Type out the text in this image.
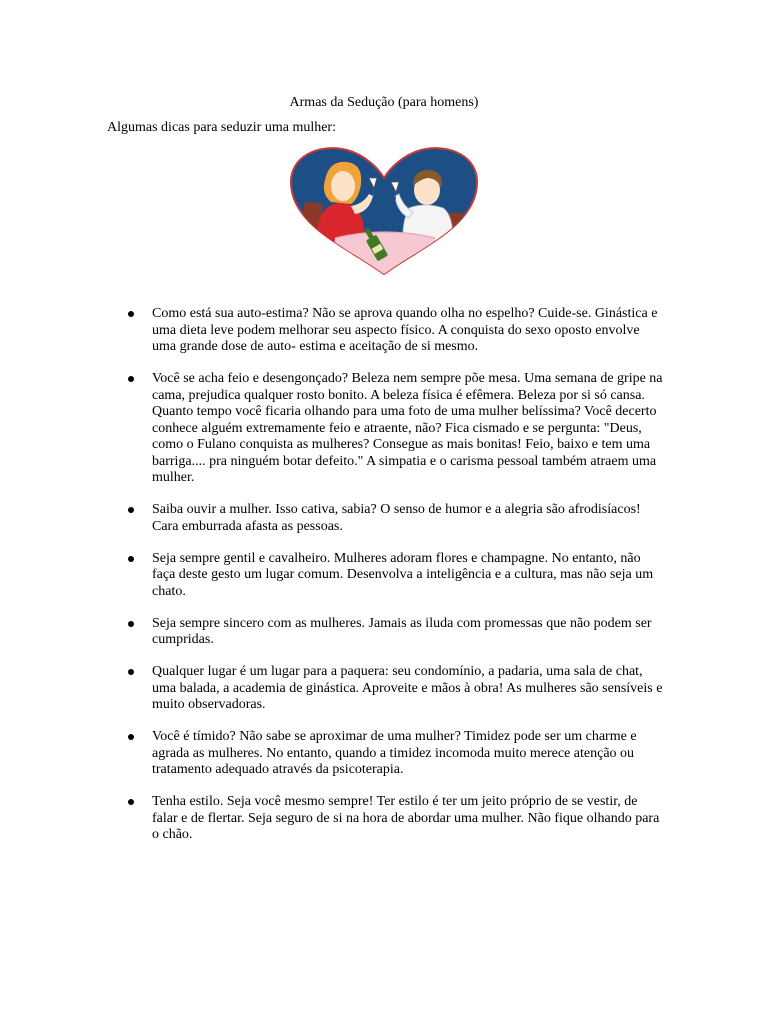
Armas da Sedução (para homens)
Algumas dicas para seduzir uma mulher:
Como está sua auto-estima? Não se aprova quando olha no espelho? Cuide-se. Ginástica e uma dieta leve podem melhorar seu aspecto físico. A conquista do sexo oposto envolve uma grande dose de auto- estima e aceitação de si mesmo.
Você se acha feio e desengonçado? Beleza nem sempre põe mesa. Uma semana de gripe na cama, prejudica qualquer rosto bonito. A beleza física é efêmera. Beleza por si só cansa. Quanto tempo você ficaria olhando para uma foto de uma mulher belíssima? Você decerto conhece alguém extremamente feio e atraente, não? Fica cismado e se pergunta: "Deus, como o Fulano conquista as mulheres? Consegue as mais bonitas! Feio, baixo e tem uma barriga.... pra ninguém botar defeito." A simpatia e o carisma pessoal também atraem uma mulher.
Saiba ouvir a mulher. Isso cativa, sabia? O senso de humor e a alegria são afrodisíacos! Cara emburrada afasta as pessoas.
Seja sempre gentil e cavalheiro. Mulheres adoram flores e champagne. No entanto, não faça deste gesto um lugar comum. Desenvolva a inteligência e a cultura, mas não seja um chato.
Seja sempre sincero com as mulheres. Jamais as iluda com promessas que não podem ser cumpridas.
Qualquer lugar é um lugar para a paquera: seu condomínio, a padaria, uma sala de chat, uma balada, a academia de ginástica. Aproveite e mãos à obra! As mulheres são sensíveis e muito observadoras.
Você é tímido? Não sabe se aproximar de uma mulher? Timidez pode ser um charme e agrada as mulheres. No entanto, quando a timidez incomoda muito merece atenção ou tratamento adequado através da psicoterapia.
Tenha estilo. Seja você mesmo sempre! Ter estilo é ter um jeito próprio de se vestir, de falar e de flertar. Seja seguro de si na hora de abordar uma mulher. Não fique olhando para o chão.
